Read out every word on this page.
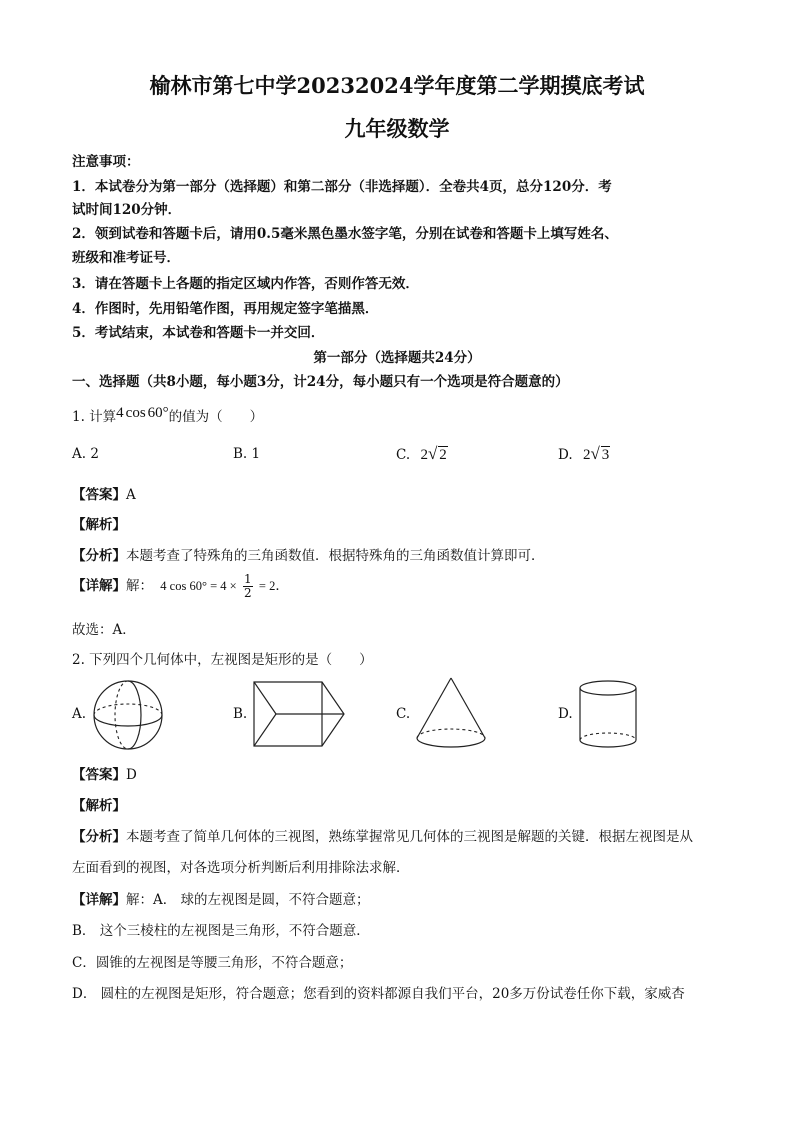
榆林市第七中学20232024学年度第二学期摸底考试
九年级数学
注意事项：
1．本试卷分为第一部分（选择题）和第二部分（非选择题）．全卷共4页，总分120分．考
试时间120分钟．
2．领到试卷和答题卡后，请用0.5毫米黑色墨水签字笔，分别在试卷和答题卡上填写姓名、
班级和准考证号．
3．请在答题卡上各题的指定区域内作答，否则作答无效．
4．作图时，先用铅笔作图，再用规定签字笔描黑．
5．考试结束，本试卷和答题卡一并交回．
第一部分（选择题共24分）
一、选择题（共8小题，每小题3分，计24分，每小题只有一个选项是符合题意的）
1. 计算4 cos 60°的值为（　　）
A. 2	B. 1	C. 2√ 2	D. 2√ 3
【答案】A
【解析】
【分析】本题考查了特殊角的三角函数值．根据特殊角的三角函数值计算即可．
【详解】解： 4 $\cos 60^\circ = 4 \times \frac{1}{2} = 2$．
故选：A．
2. 下列四个几何体中，左视图是矩形的是（　　）
A.	B.	C.	D.
【答案】D
【解析】
【分析】本题考查了简单几何体的三视图，熟练掌握常见几何体的三视图是解题的关键．根据左视图是从
左面看到的视图，对各选项分析判断后利用排除法求解．
【详解】解：A． 球的左视图是圆，不符合题意；
B． 这个三棱柱的左视图是三角形，不符合题意．
C．圆锥的左视图是等腰三角形，不符合题意；
D． 圆柱的左视图是矩形，符合题意；您看到的资料都源自我们平台，20多万份试卷任你下载，家威杏
